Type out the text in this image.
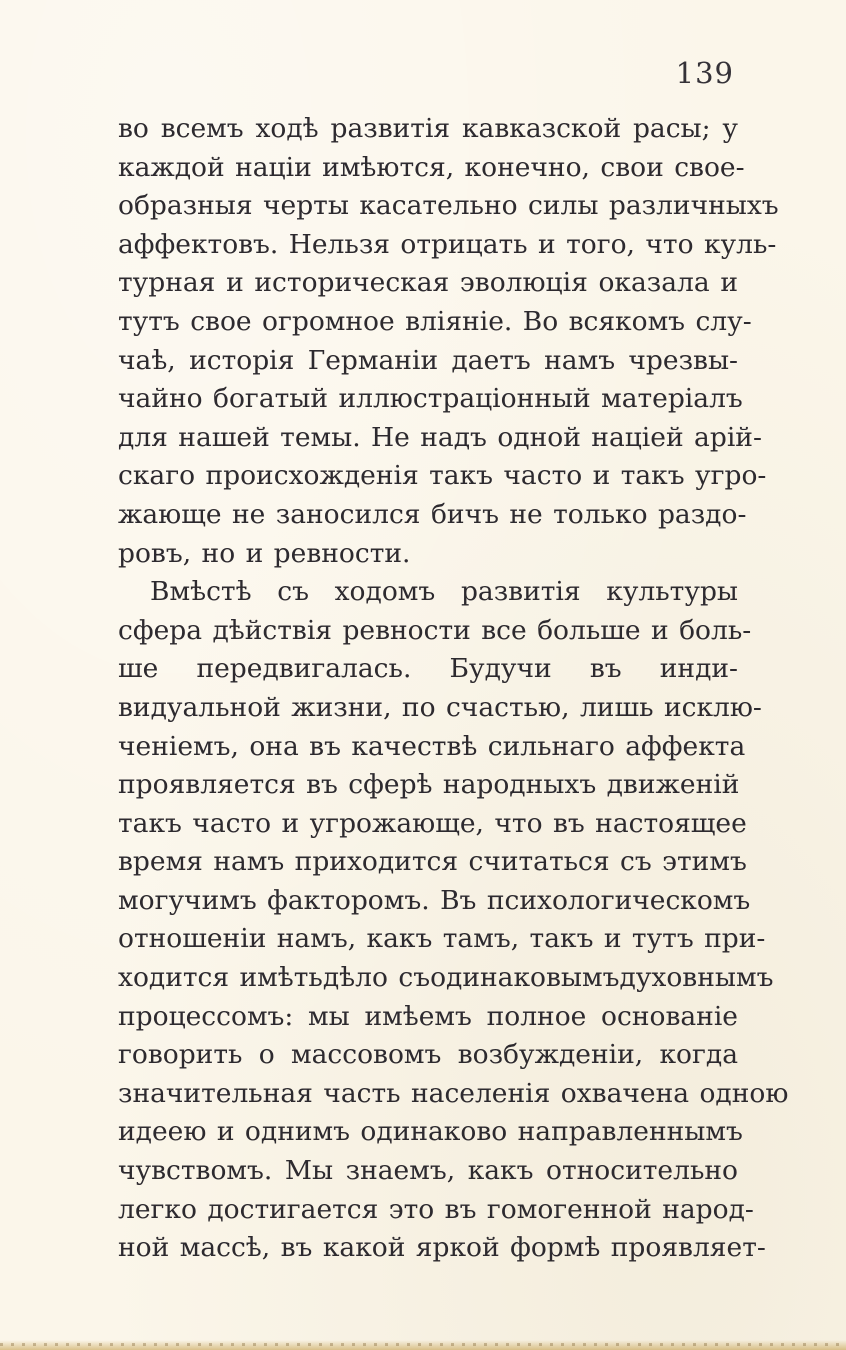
139
во всемъ ходѣ развитія кавказской расы; у
каждой націи имѣются, конечно, свои свое-
образныя черты касательно силы различныхъ
аффектовъ. Нельзя отрицать и того, что куль-
турная и историческая эволюція оказала и
тутъ свое огромное вліяніе. Во всякомъ слу-
чаѣ, исторія Германіи даетъ намъ чрезвы-
чайно богатый иллюстраціонный матеріалъ
для нашей темы. Не надъ одной націей арій-
скаго происхожденія такъ часто и такъ угро-
жающе не заносился бичъ не только раздо-
ровъ, но и ревности.
Вмѣстѣ съ ходомъ развитія культуры
сфера дѣйствія ревности все больше и боль-
ше передвигалась. Будучи въ инди-
видуальной жизни, по счастью, лишь исклю-
ченіемъ, она въ качествѣ сильнаго аффекта
проявляется въ сферѣ народныхъ движеній
такъ часто и угрожающе, что въ настоящее
время намъ приходится считаться съ этимъ
могучимъ факторомъ. Въ психологическомъ
отношеніи намъ, какъ тамъ, такъ и тутъ при-
ходится имѣтьдѣло съодинаковымъдуховнымъ
процессомъ: мы имѣемъ полное основаніе
говорить о массовомъ возбужденіи, когда
значительная часть населенія охвачена одною
идеею и однимъ одинаково направленнымъ
чувствомъ. Мы знаемъ, какъ относительно
легко достигается это въ гомогенной народ-
ной массѣ, въ какой яркой формѣ проявляет-
